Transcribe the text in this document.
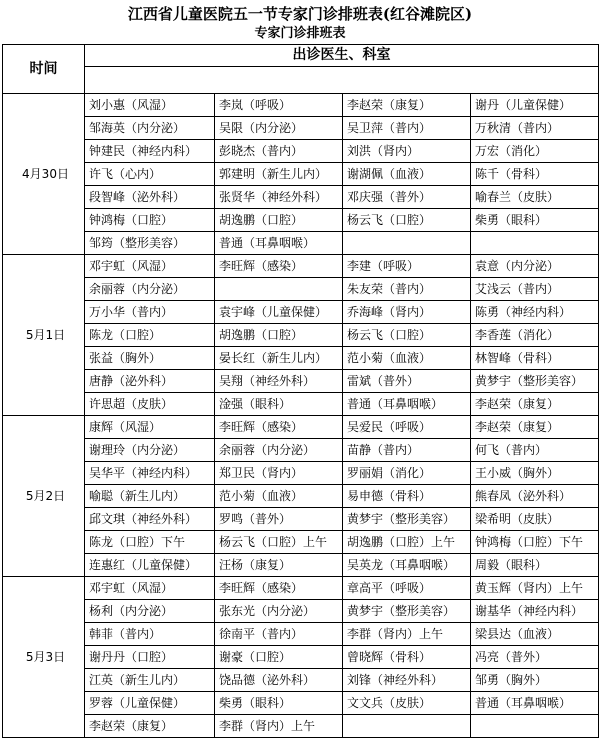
江西省儿童医院五一节专家门诊排班表(红谷滩院区)
专家门诊排班表
时间	出诊医生、科室			

4月30日	刘小惠（风湿）	李岚（呼吸）	李赵荣（康复）	谢丹（儿童保健）
	邹海英（内分泌）	吴限（内分泌）	吴卫萍（普内）	万秋清（普内）
	钟建民（神经内科）	彭晓杰（普内）	刘洪（肾内）	万宏（消化）
	许飞（心内）	郭建明（新生儿内）	谢湖佩（血液）	陈千（骨科）
	段智峰（泌外科）	张贤华（神经外科）	邓庆强（普外）	喻春兰（皮肤）
	钟鸿梅（口腔）	胡逸鹏（口腔）	杨云飞（口腔）	柴勇（眼科）
	邹筠（整形美容）	普通（耳鼻咽喉）		
5月1日	邓宇虹（风湿）	李旺辉（感染）	李建（呼吸）	袁意（内分泌）
	余丽蓉（内分泌）		朱友荣（普内）	艾浅云（普内）
	万小华（普内）	袁宇峰（儿童保健）	乔海峰（肾内）	陈勇（神经内科）
	陈龙（口腔）	胡逸鹏（口腔）	杨云飞（口腔）	李香莲（消化）
	张益（胸外）	晏长红（新生儿内）	范小菊（血液）	林智峰（骨科）
	唐静（泌外科）	吴翔（神经外科）	雷斌（普外）	黄梦宇（整形美容）
	许思超（皮肤）	淦强（眼科）	普通（耳鼻咽喉）	李赵荣（康复）
5月2日	康辉（风湿）	李旺辉（感染）	吴爱民（呼吸）	李赵荣（康复）
	谢理玲（内分泌）	余丽蓉（内分泌）	苗静（普内）	何飞（普内）
	吴华平（神经内科）	郑卫民（肾内）	罗丽娟（消化）	王小威（胸外）
	喻聪（新生儿内）	范小菊（血液）	易申德（骨科）	熊春凤（泌外科）
	邱文琪（神经外科）	罗鸣（普外）	黄梦宇（整形美容）	梁希明（皮肤）
	陈龙（口腔）下午	杨云飞（口腔）上午	胡逸鹏（口腔）上午	钟鸿梅（口腔）下午
	连惠红（儿童保健）	汪杨（康复）	吴英龙（耳鼻咽喉）	周毅（眼科）
5月3日	邓宇虹（风湿）	李旺辉（感染）	章高平（呼吸）	黄玉辉（肾内）上午
	杨利（内分泌）	张东光（内分泌）	黄梦宇（整形美容）	谢基华（神经内科）
	韩菲（普内）	徐南平（普内）	李群（肾内）上午	梁县达（血液）
	谢丹丹（口腔）	谢豪（口腔）	曾晓辉（骨科）	冯亮（普外）
	江英（新生儿内）	饶品德（泌外科）	刘锋（神经外科）	邹勇（胸外）
	罗蓉（儿童保健）	柴勇（眼科）	文文兵（皮肤）	普通（耳鼻咽喉）
	李赵荣（康复）	李群（肾内）上午		
